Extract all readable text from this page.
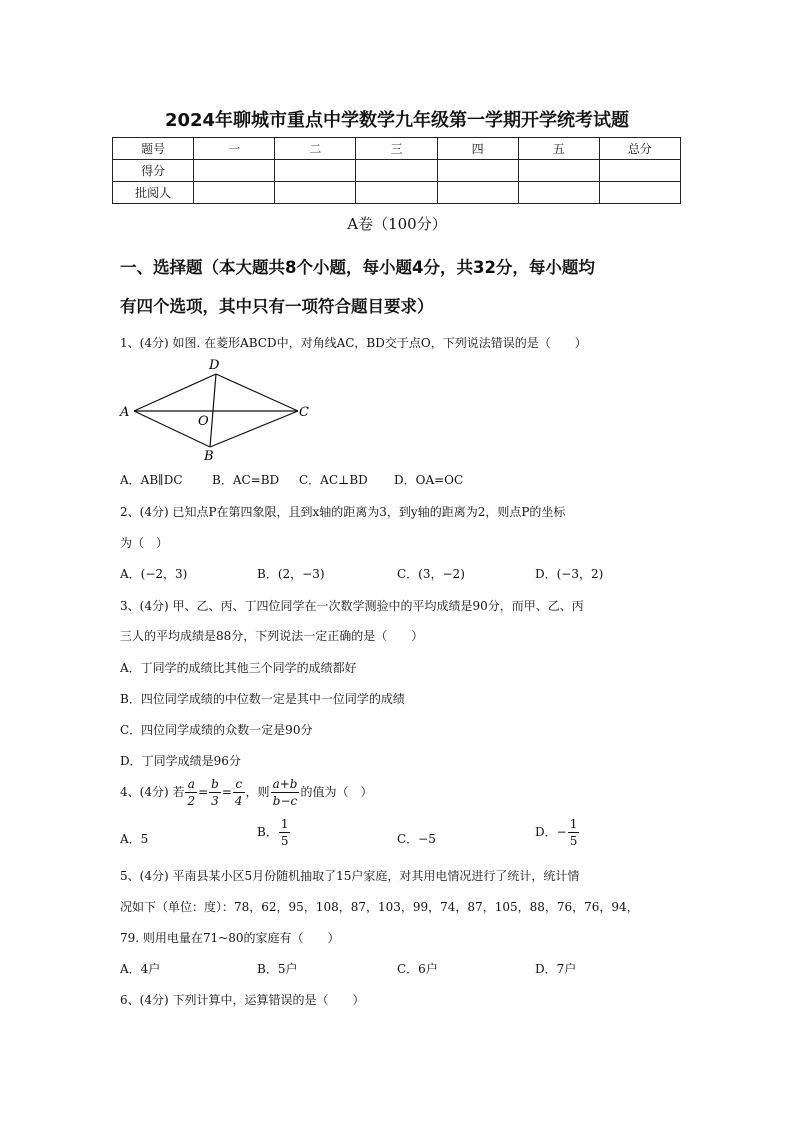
2024年聊城市重点中学数学九年级第一学期开学统考试题
题号	一	二	三	四	五	总分
得分						
批阅人						
A卷（100分）
一、选择题（本大题共8个小题，每小题4分，共32分，每小题均
有四个选项，其中只有一项符合题目要求）
1、(4分) 如图. 在菱形ABCD中，对角线AC，BD交于点O，下列说法错误的是（　　）
D
A	C
O
B
A．AB∥DC B．AC=BD C．AC⊥BD D．OA=OC
2、(4分) 已知点P在第四象限，且到x轴的距离为3，到y轴的距离为2，则点P的坐标
为（　）
A．(−2，3)	B．(2，−3)	C．(3，−2)	D．(−3，2)
3、(4分) 甲、乙、丙、丁四位同学在一次数学测验中的平均成绩是90分，而甲、乙、丙
三人的平均成绩是88分，下列说法一定正确的是（　　）
A．丁同学的成绩比其他三个同学的成绩都好
B．四位同学成绩的中位数一定是其中一位同学的成绩
C．四位同学成绩的众数一定是90分
D．丁同学成绩是96分
4、(4分) 若 $\frac{a}{2} = \frac{b}{3} = \frac{c}{4}$ ，则 $\frac{a+b}{b-c}$ 的值为（　）
A．5	B． $\frac{1}{5}$	C．−5	D．− $\frac{1}{5}$
5、(4分) 平南县某小区5月份随机抽取了15户家庭，对其用电情况进行了统计，统计情
况如下（单位：度）：78，62，95，108，87，103，99，74，87，105，88，76，76，94，
79. 则用电量在71~80的家庭有（　　）
A．4户	B．5户	C．6户	D．7户
6、(4分) 下列计算中，运算错误的是（　　）
